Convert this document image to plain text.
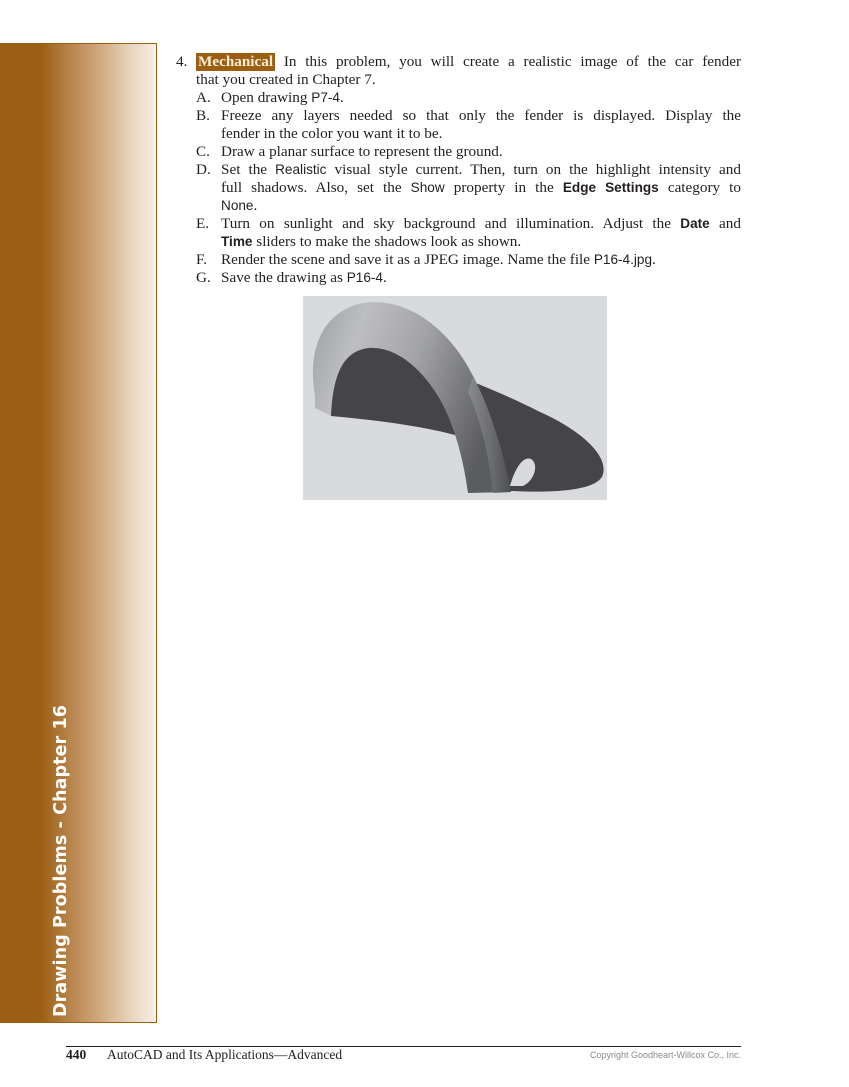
Drawing Problems - Chapter 16
4. Mechanical In this problem, you will create a realistic image of the car fender
that you created in Chapter 7.
A. Open drawing P7-4.
B. Freeze any layers needed so that only the fender is displayed. Display the
fender in the color you want it to be.
C. Draw a planar surface to represent the ground.
D. Set the Realistic visual style current. Then, turn on the highlight intensity and
full shadows. Also, set the Show property in the Edge Settings category to
None.
E. Turn on sunlight and sky background and illumination. Adjust the Date and
Time sliders to make the shadows look as shown.
F. Render the scene and save it as a JPEG image. Name the file P16-4.jpg.
G. Save the drawing as P16-4.
440 AutoCAD and Its Applications—Advanced	Copyright Goodheart-Willcox Co., Inc.
